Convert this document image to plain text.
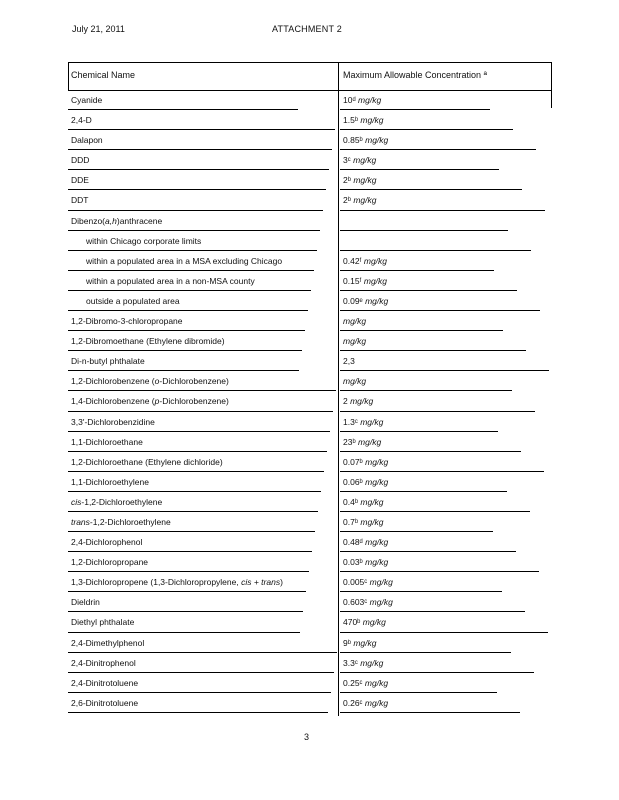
July 21, 2011	ATTACHMENT 2
Chemical Name	Maximum Allowable Concentration ª
Cyanide	10ᵈ mg/kg
2,4-D	1.5ᵇ mg/kg
Dalapon	0.85ᵇ mg/kg
DDD	3ᶜ mg/kg
DDE	2ᵇ mg/kg
DDT	2ᵇ mg/kg
Dibenzo(a,h)anthracene
within Chicago corporate limits
within a populated area in a MSA excluding Chicago	0.42ᶠ mg/kg
within a populated area in a non-MSA county	0.15ᶠ mg/kg
outside a populated area	0.09ᵉ mg/kg
1,2-Dibromo-3-chloropropane	mg/kg
1,2-Dibromoethane (Ethylene dibromide)	mg/kg
Di-n-butyl phthalate	2,3
1,2-Dichlorobenzene (o-Dichlorobenzene)	mg/kg
1,4-Dichlorobenzene (p-Dichlorobenzene)	2 mg/kg
3,3'-Dichlorobenzidine	1.3ᶜ mg/kg
1,1-Dichloroethane	23ᵇ mg/kg
1,2-Dichloroethane (Ethylene dichloride)	0.07ᵇ mg/kg
1,1-Dichloroethylene	0.06ᵇ mg/kg
cis-1,2-Dichloroethylene	0.4ᵇ mg/kg
trans-1,2-Dichloroethylene	0.7ᵇ mg/kg
2,4-Dichlorophenol	0.48ᵈ mg/kg
1,2-Dichloropropane	0.03ᵇ mg/kg
1,3-Dichloropropene (1,3-Dichloropropylene, cis + trans)	0.005ᶜ mg/kg
Dieldrin	0.603ᶜ mg/kg
Diethyl phthalate	470ᵇ mg/kg
2,4-Dimethylphenol	9ᵇ mg/kg
2,4-Dinitrophenol	3.3ᶜ mg/kg
2,4-Dinitrotoluene	0.25ᶜ mg/kg
2,6-Dinitrotoluene	0.26ᶜ mg/kg
3
